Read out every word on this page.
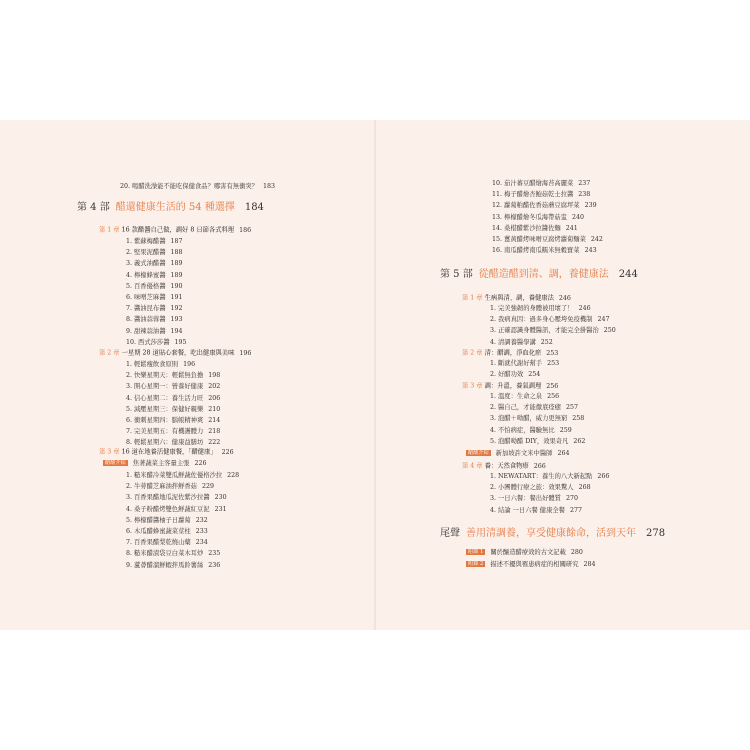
20. 喝醋洗澡能不能吃保健食品？哪害有無衝突？ 183
第 4 部 醋還健康生活的 54 種選擇 184
第 1 章 16 款醋醬自己做，調好 8 日節各式料理 186
1. 紫蘇梅醋醬 187
2. 堅果泥醋醬 188
3. 義式油醋醬 189
4. 檸檬蜂蜜醬 189
5. 百香優格醬 190
6. 味噌芝麻醬 191
7. 醬油昆布醬 192
8. 醬油蒜蓉醬 193
9. 甜辣蒜油醬 194
10. 西式莎莎醬 195
第 2 章 一星期 28 道貼心套餐，吃出健康與美味 196
1. 輕鬆瘦飲食原則 196
2. 快樂星期天：輕鬆無負擔 198
3. 開心星期一：營養好健康 202
4. 信心星期二：養生活力旺 206
5. 減壓星期三：保健好親樂 210
6. 衝刺星期四：腦帳精神爽 214
7. 完美星期五：有機護體力 218
8. 輕鬆星期六：健康益膳坊 222
第 3 章 16 道在地養活健康餐，「醋健康」 226
醋酸介紹 焦著蔬菜主客量主張 226
1. 糙米醋冷菜雙瓜鮮蔬佐優格沙拉 228
2. 牛蒡醋芝麻油拌鮮香菇 229
3. 百香果醋地瓜泥佐紫沙拉醬 230
4. 桑子粉醋烤雙色鮮蔬紅豆泥 231
5. 檸檬醋醬柚子日蘿蔔 232
6. 木瓜醋蜂蜜蔬菜莖柱 233
7. 百香果醋梨乾燒山藥 234
8. 糙米醋漬袋豆白菜木耳炒 235
9. 蘆薈醋溜鮮蝦拌馬鈴薯絲 236
10. 茄汁蕃豆醋燴海苔高麗菜 237
11. 梅子醋燴杏鮑菇乾士拉醬 238
12. 蘿蔔粕醋佐香菇蘑豆腐坪菜 239
13. 檸檬醋燴冬瓜海帶菇盅 240
14. 桑椹醋紫沙拉醬佐麵 241
15. 薑黃醋烤味噌豆腐烤蘿蔔麵菜 242
16. 南瓜醋烤南瓜糯米無穀寶菜 243
第 5 部 從醋造醋到清、調，養健康法 244
第 1 章 生病與清、調，養健康法 246
1. 完美強韌的身體被用壞了！ 246
2. 我病真因：過多身心壓垮免疫機制 247
3. 正確認識身體醫訊，才能完全掛醫治 250
4. 清調養醫學講 252
第 2 章 清：醋調，淨血化瘀 253
1. 斷就代謝好幫手 253
2. 好醋功效 254
第 3 章 調：升溫，養氣調理 256
1. 溫度：生命之泉 256
2. 醫自己，才能徹底痊癒 257
3. 泡醋＋呦醋，威力更無窮 258
4. 不怕病症，醫驗無比 259
5. 泡醋呦醋 DIY，效果奇凡 262
醋酸介紹 新加坡許文米中醫師 264
第 4 章 養：天然食物療 266
1. NEWATART：養生的八大新起點 266
2. 小團體行療之旅：效果驚人 268
3. 一日六餐：餐出好體質 270
4. 結論 一日六餐 健康全餐 277
尾聲 善用清調養，享受健康餘命，活到天年 278
附錄 1 關於釀造醋療效的古文記載 280
附錄 2 描述不擾與罹患病症的相關研究 284
